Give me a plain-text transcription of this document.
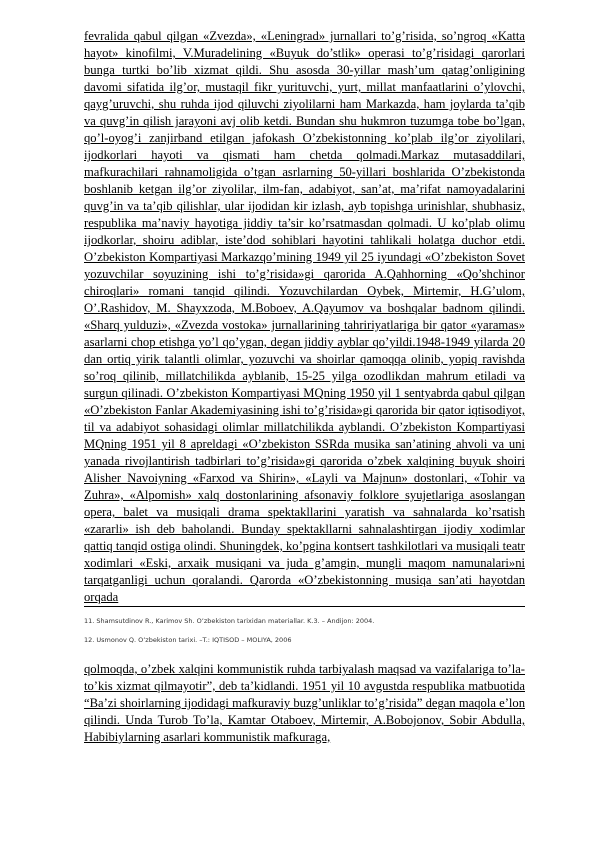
fevralida qabul qilgan «Zvezda», «Leningrad» jurnallari to’g’risida, so’ngroq «Katta hayot» kinofilmi, V.Muradelining «Buyuk do’stlik» operasi to’g’risidagi qarorlari bunga turtki bo’lib xizmat qildi. Shu asosda 30-yillar mash’um qatag’onligining davomi sifatida ilg’or, mustaqil fikr yurituvchi, yurt, millat manfaatlarini o’ylovchi, qayg’uruvchi, shu ruhda ijod qiluvchi ziyolilarni ham Markazda, ham joylarda ta’qib va quvg’in qilish jarayoni avj olib ketdi. Bundan shu hukmron tuzumga tobe bo’lgan, qo’l-oyog’i zanjirband etilgan jafokash O’zbekistonning ko’plab ilg’or ziyolilari, ijodkorlari hayoti va qismati ham chetda qolmadi.Markaz mutasaddilari, mafkurachilari rahnamoligida o’tgan asrlarning 50-yillari boshlarida O’zbekistonda boshlanib ketgan ilg’or ziyolilar, ilm-fan, adabiyot, san’at, ma’rifat namoyadalarini quvg’in va ta’qib qilishlar, ular ijodidan kir izlash, ayb topishga urinishlar, shubhasiz, respublika ma’naviy hayotiga jiddiy ta’sir ko’rsatmasdan qolmadi. U ko’plab olimu ijodkorlar, shoiru adiblar, iste’dod sohiblari hayotini tahlikali holatga duchor etdi. O’zbekiston Kompartiyasi Markazqo’mining 1949 yil 25 iyundagi «O’zbekiston Sovet yozuvchilar soyuzining ishi to’g’risida»gi qarorida A.Qahhorning «Qo’shchinor chiroqlari» romani tanqid qilindi. Yozuvchilardan Oybek, Mirtemir, H.G’ulom, O’.Rashidov, M. Shayxzoda, M.Boboev, A.Qayumov va boshqalar badnom qilindi. «Sharq yulduzi», «Zvezda vostoka» jurnallarining tahririyatlariga bir qator «yaramas» asarlarni chop etishga yo’l qo’ygan, degan jiddiy ayblar qo’yildi.1948-1949 yilarda 20 dan ortiq yirik talantli olimlar, yozuvchi va shoirlar qamoqqa olinib, yopiq ravishda so’roq qilinib, millatchilikda ayblanib, 15-25 yilga ozodlikdan mahrum etiladi va surgun qilinadi. O’zbekiston Kompartiyasi MQning 1950 yil 1 sentyabrda qabul qilgan «O’zbekiston Fanlar Akademiyasining ishi to’g’risida»gi qarorida bir qator iqtisodiyot, til va adabiyot sohasidagi olimlar millatchilikda ayblandi. O’zbekiston Kompartiyasi MQning 1951 yil 8 apreldagi «O’zbekiston SSRda musika san’atining ahvoli va uni yanada rivojlantirish tadbirlari to’g’risida»gi qarorida o’zbek xalqining buyuk shoiri Alisher Navoiyning «Farxod va Shirin», «Layli va Majnun» dostonlari, «Tohir va Zuhra», «Alpomish» xalq dostonlarining afsonaviy folklore syujetlariga asoslangan opera, balet va musiqali drama spektakllarini yaratish va sahnalarda ko’rsatish «zararli» ish deb baholandi. Bunday spektakllarni sahnalashtirgan ijodiy xodimlar qattiq tanqid ostiga olindi. Shuningdek, ko’pgina kontsert tashkilotlari va musiqali teatr xodimlari «Eski, arxaik musiqani va juda g’amgin, mungli maqom namunalari»ni tarqatganligi uchun qoralandi. Qarorda «O’zbekistonning musiqa san’ati hayotdan orqada

11. Shamsutdinov R., Karimov Sh. O’zbekiston tarixidan materiallar. K.3. – Andijon: 2004.

12. Usmonov Q. O’zbekiston tarixi. –T.: IQTISOD – MOLIYA, 2006

qolmoqda, o’zbek xalqini kommunistik ruhda tarbiyalash maqsad va vazifalariga to’la-to’kis xizmat qilmayotir”, deb ta’kidlandi. 1951 yil 10 avgustda respublika matbuotida “Ba’zi shoirlarning ijodidagi mafkuraviy buzg’unliklar to’g’risida” degan maqola e’lon qilindi. Unda Turob To’la, Kamtar Otaboev, Mirtemir, A.Bobojonov, Sobir Abdulla, Habibiylarning asarlari kommunistik mafkuraga,
